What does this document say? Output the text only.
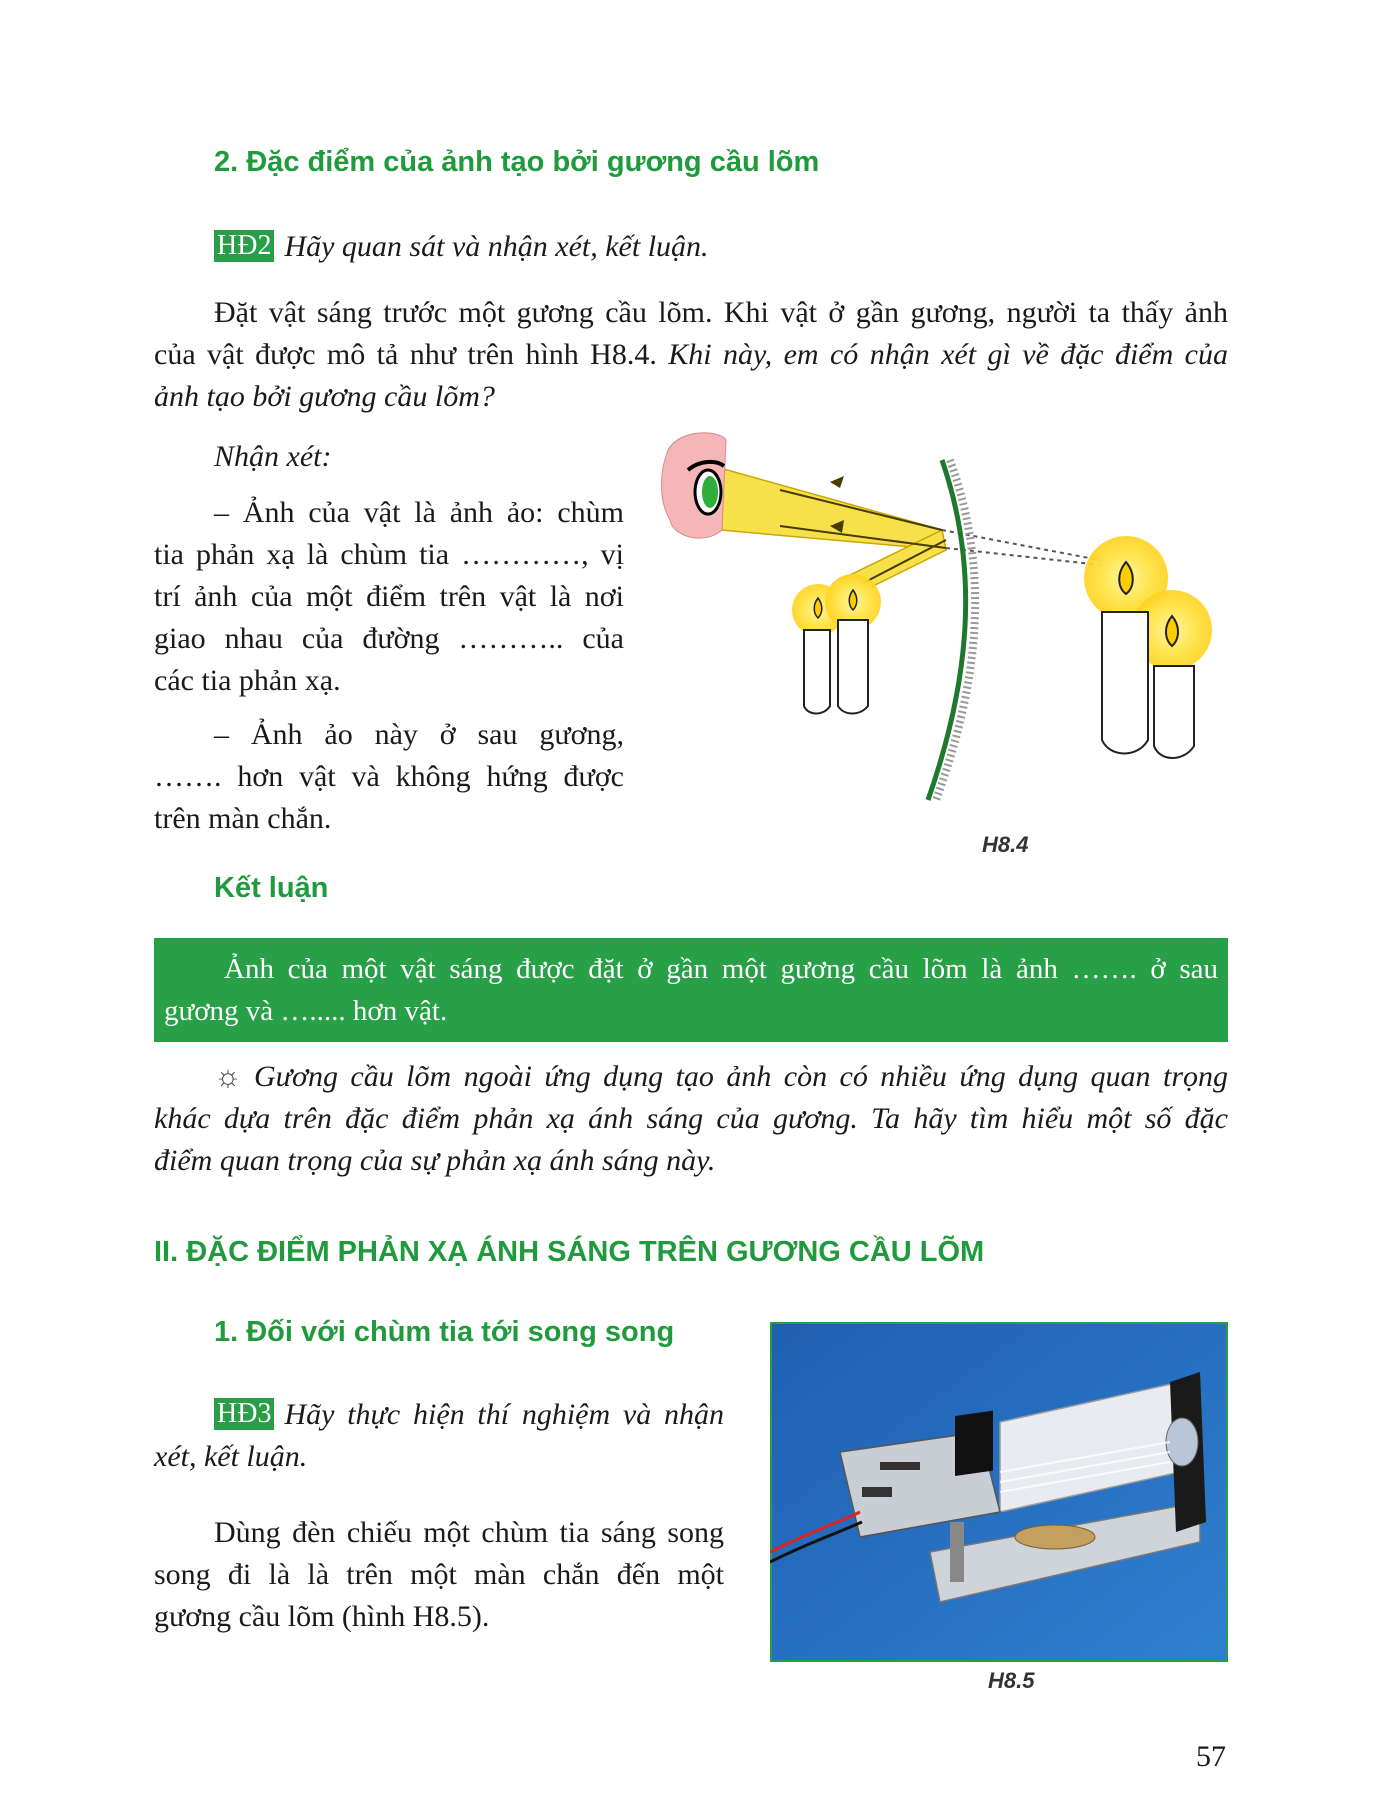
2. Đặc điểm của ảnh tạo bởi gương cầu lõm
HĐ2 Hãy quan sát và nhận xét, kết luận.
Đặt vật sáng trước một gương cầu lõm. Khi vật ở gần gương, người ta thấy ảnh
của vật được mô tả như trên hình H8.4. Khi này, em có nhận xét gì về đặc điểm của
ảnh tạo bởi gương cầu lõm?
Nhận xét:
– Ảnh của vật là ảnh ảo: chùm
tia phản xạ là chùm tia …………, vị
trí ảnh của một điểm trên vật là nơi
giao nhau của đường ……….. của
các tia phản xạ.
– Ảnh ảo này ở sau gương,
……. hơn vật và không hứng được
trên màn chắn.
H8.4
Kết luận
Ảnh của một vật sáng được đặt ở gần một gương cầu lõm là ảnh ……. ở sau
gương và …..... hơn vật.
☼ Gương cầu lõm ngoài ứng dụng tạo ảnh còn có nhiều ứng dụng quan trọng
khác dựa trên đặc điểm phản xạ ánh sáng của gương. Ta hãy tìm hiểu một số đặc
điểm quan trọng của sự phản xạ ánh sáng này.
II. ĐẶC ĐIỂM PHẢN XẠ ÁNH SÁNG TRÊN GƯƠNG CẦU LÕM
1. Đối với chùm tia tới song song
HĐ3 Hãy thực hiện thí nghiệm và nhận
xét, kết luận.
Dùng đèn chiếu một chùm tia sáng song
song đi là là trên một màn chắn đến một
gương cầu lõm (hình H8.5).
H8.5
57
